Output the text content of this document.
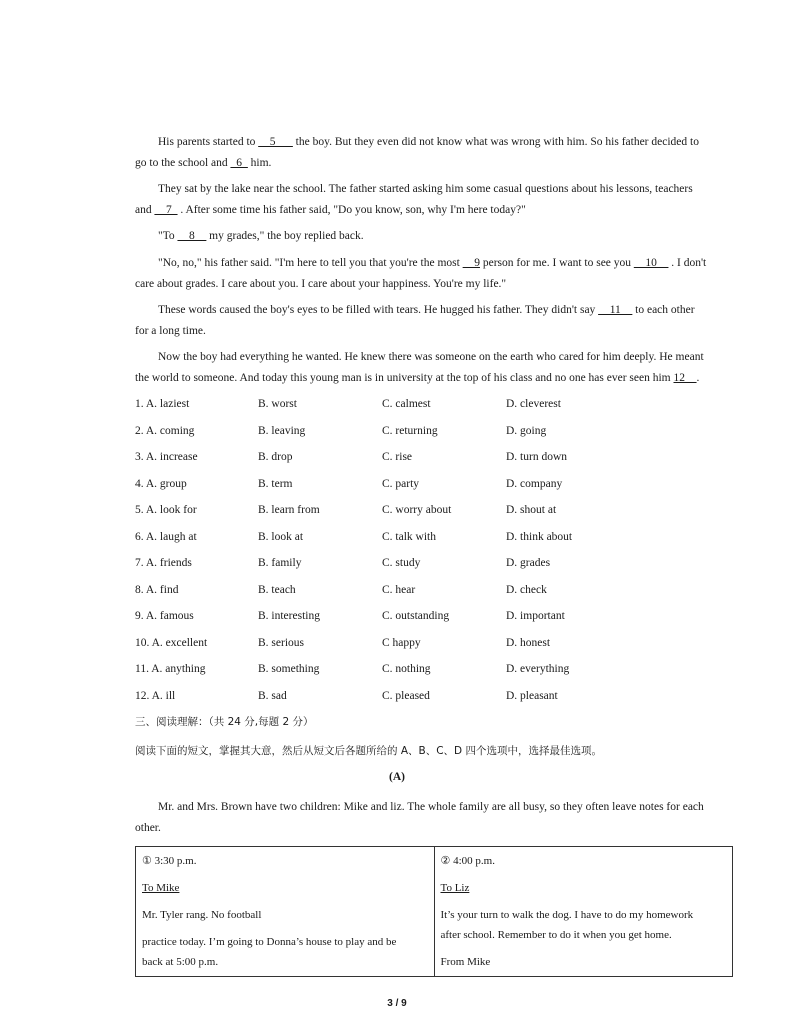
His parents started to __5___ the boy. But they even did not know what was wrong with him. So his father decided to
go to the school and _6_ him.
They sat by the lake near the school. The father started asking him some casual questions about his lessons, teachers
and __7_ . After some time his father said, "Do you know, son, why I'm here today?"
"To __8__ my grades," the boy replied back.
"No, no," his father said. "I'm here to tell you that you're the most __9 person for me. I want to see you __10__ . I don't
care about grades. I care about you. I care about your happiness. You're my life."
These words caused the boy's eyes to be filled with tears. He hugged his father. They didn't say __11__ to each other
for a long time.
Now the boy had everything he wanted. He knew there was someone on the earth who cared for him deeply. He meant
the world to someone. And today this young man is in university at the top of his class and no one has ever seen him 12__.
1. A. laziest	B. worst	C. calmest	D. cleverest
2. A. coming	B. leaving	C. returning	D. going
3. A. increase	B. drop	C. rise	D. turn down
4. A. group	B. term	C. party	D. company
5. A. look for	B. learn from	C. worry about	D. shout at
6. A. laugh at	B. look at	C. talk with	D. think about
7. A. friends	B. family	C. study	D. grades
8. A. find	B. teach	C. hear	D. check
9. A. famous	B. interesting	C. outstanding	D. important
10. A. excellent	B. serious	C happy	D. honest
11. A. anything	B. something	C. nothing	D. everything
12. A. ill	B. sad	C. pleased	D. pleasant
三、阅读理解：（共 24 分,每题 2 分）
阅读下面的短文，掌握其大意，然后从短文后各题所给的 A、B、C、D 四个选项中，选择最佳选项。
(A)
Mr. and Mrs. Brown have two children: Mike and liz. The whole family are all busy, so they often leave notes for each
other.
① 3:30 p.m.
To Mike
Mr. Tyler rang. No football
practice today. I’m going to Donna’s house to play and be
back at 5:00 p.m.

② 4:00 p.m.
To Liz
It’s your turn to walk the dog. I have to do my homework
after school. Remember to do it when you get home.
From Mike
3 / 9
